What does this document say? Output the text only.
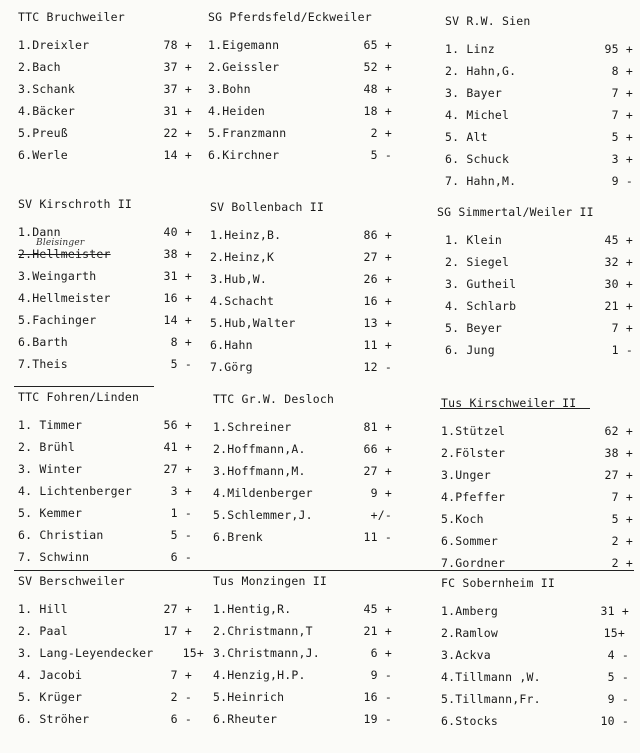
TTC Bruchweiler
1.Dreixler	78 +
2.Bach	37 +
3.Schank	37 +
4.Bäcker	31 +
5.Preuß	22 +
6.Werle	14 +
SG Pferdsfeld/Eckweiler
1.Eigemann	65 +
2.Geissler	52 +
3.Bohn	48 +
4.Heiden	18 +
5.Franzmann	2 +
6.Kirchner	5 -
SV R.W. Sien
1. Linz	95 +
2. Hahn,G.	8 +
3. Bayer	7 +
4. Michel	7 +
5. Alt	5 +
6. Schuck	3 +
7. Hahn,M.	9 -
SV Kirschroth II
1.Dann	40 +
Bleisinger
2.Hellmeister	38 +
3.Weingarth	31 +
4.Hellmeister	16 +
5.Fachinger	14 +
6.Barth	8 +
7.Theis	5 -
SV Bollenbach II
1.Heinz,B.	86 +
2.Heinz,K	27 +
3.Hub,W.	26 +
4.Schacht	16 +
5.Hub,Walter	13 +
6.Hahn	11 +
7.Görg	12 -
SG Simmertal/Weiler II
1. Klein	45 +
2. Siegel	32 +
3. Gutheil	30 +
4. Schlarb	21 +
5. Beyer	7 +
6. Jung	1 -
TTC Fohren/Linden
1. Timmer	56 +
2. Brühl	41 +
3. Winter	27 +
4. Lichtenberger	3 +
5. Kemmer	1 -
6. Christian	5 -
7. Schwinn	6 -
TTC Gr.W. Desloch
1.Schreiner	81 +
2.Hoffmann,A.	66 +
3.Hoffmann,M.	27 +
4.Mildenberger	9 +
5.Schlemmer,J.	+/-
6.Brenk	11 -
Tus Kirschweiler II
1.Stützel	62 +
2.Fölster	38 +
3.Unger	27 +
4.Pfeffer	7 +
5.Koch	5 +
6.Sommer	2 +
7.Gordner	2 +
SV Berschweiler
1. Hill	27 +
2. Paal	17 +
3. Lang-Leyendecker	15+
4. Jacobi	7 +
5. Krüger	2 -
6. Ströher	6 -
Tus Monzingen II
1.Hentig,R.	45 +
2.Christmann,T	21 +
3.Christmann,J.	6 +
4.Henzig,H.P.	9 -
5.Heinrich	16 -
6.Rheuter	19 -
FC Sobernheim II
1.Amberg	31 +
2.Ramlow	15+
3.Ackva	4 -
4.Tillmann ,W.	5 -
5.Tillmann,Fr.	9 -
6.Stocks	10 -
